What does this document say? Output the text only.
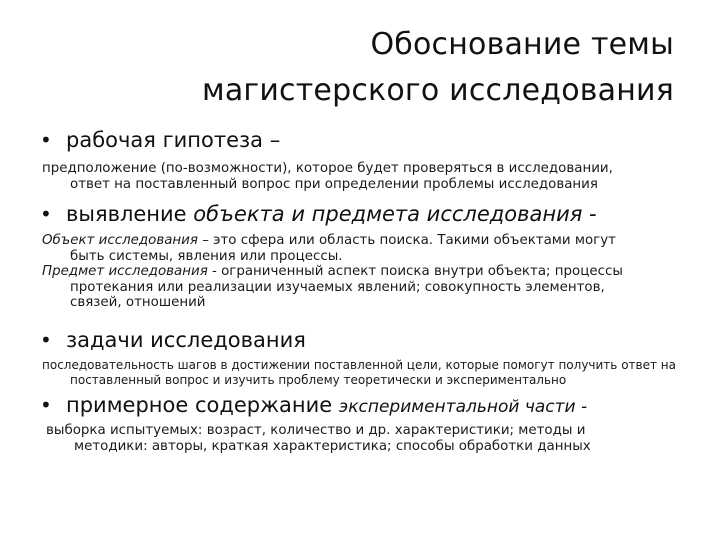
Обоснование темы
магистерского исследования
• рабочая гипотеза –
предположение (по-возможности), которое будет проверяться в исследовании,
ответ на поставленный вопрос при определении проблемы исследования
• выявление объекта и предмета исследования -
Объект исследования – это сфера или область поиска. Такими объектами могут
быть системы, явления или процессы.
Предмет исследования - ограниченный аспект поиска внутри объекта; процессы
протекания или реализации изучаемых явлений; совокупность элементов,
связей, отношений
• задачи исследования
последовательность шагов в достижении поставленной цели, которые помогут получить ответ на
поставленный вопрос и изучить проблему теоретически и экспериментально
• примерное содержание экспериментальной части -
выборка испытуемых: возраст, количество и др. характеристики; методы и
методики: авторы, краткая характеристика; способы обработки данных
